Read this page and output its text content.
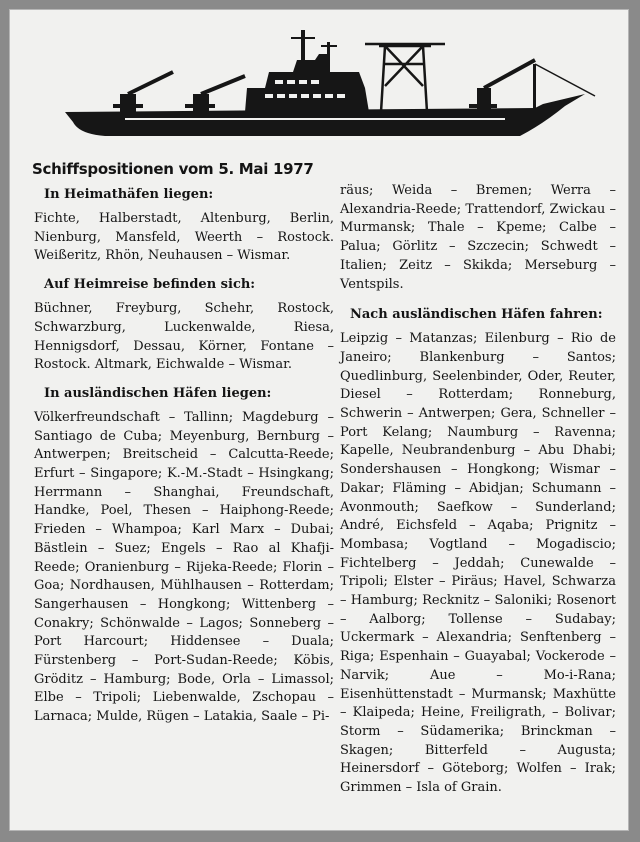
Schiffspositionen vom 5. Mai 1977
In Heimathäfen liegen:

Fichte, Halberstadt, Altenburg, Berlin, Nienburg, Mansfeld, Weerth – Rostock. Weißeritz, Rhön, Neuhausen – Wismar.

Auf Heimreise befinden sich:

Büchner, Freyburg, Schehr, Rostock, Schwarzburg, Luckenwalde, Riesa, Hennigsdorf, Dessau, Körner, Fontane – Rostock. Altmark, Eichwalde – Wismar.

In ausländischen Häfen liegen:

Völkerfreundschaft – Tallinn; Magdeburg – Santiago de Cuba; Meyenburg, Bernburg – Antwerpen; Breitscheid – Calcutta-Reede; Erfurt – Singapore; K.-M.-Stadt – Hsingkang; Herrmann – Shanghai, Freundschaft, Handke, Poel, Thesen – Haiphong-Reede; Frieden – Whampoa; Karl Marx – Dubai; Bästlein – Suez; Engels – Rao al Khafji-Reede; Oranienburg – Rijeka-Reede; Florin – Goa; Nordhausen, Mühlhausen – Rotterdam; Sangerhausen – Hongkong; Wittenberg – Conakry; Schönwalde – Lagos; Sonneberg – Port Harcourt; Hiddensee – Duala; Fürstenberg – Port-Sudan-Reede; Köbis, Gröditz – Hamburg; Bode, Orla – Limassol; Elbe – Tripoli; Liebenwalde, Zschopau – Larnaca; Mulde, Rügen – Latakia, Saale – Pi-

räus; Weida – Bremen; Werra – Alexandria-Reede; Trattendorf, Zwickau – Murmansk; Thale – Kpeme; Calbe – Palua; Görlitz – Szczecin; Schwedt – Italien; Zeitz – Skikda; Merseburg – Ventspils.

Nach ausländischen Häfen fahren:

Leipzig – Matanzas; Eilenburg – Rio de Janeiro; Blankenburg – Santos; Quedlinburg, Seelenbinder, Oder, Reuter, Diesel – Rotterdam; Ronneburg, Schwerin – Antwerpen; Gera, Schneller – Port Kelang; Naumburg – Ravenna; Kapelle, Neubrandenburg – Abu Dhabi; Sondershausen – Hongkong; Wismar – Dakar; Fläming – Abidjan; Schumann – Avonmouth; Saefkow – Sunderland; André, Eichsfeld – Aqaba; Prignitz – Mombasa; Vogtland – Mogadiscio; Fichtelberg – Jeddah; Cunewalde – Tripoli; Elster – Piräus; Havel, Schwarza – Hamburg; Recknitz – Saloniki; Rosenort – Aalborg; Tollense – Sudabay; Uckermark – Alexandria; Senftenberg – Riga; Espenhain – Guayabal; Vockerode – Narvik; Aue – Mo-i-Rana; Eisenhüttenstadt – Murmansk; Maxhütte – Klaipeda; Heine, Freiligrath, – Bolivar; Storm – Südamerika; Brinckman – Skagen; Bitterfeld – Augusta; Heinersdorf – Göteborg; Wolfen – Irak; Grimmen – Isla of Grain.
